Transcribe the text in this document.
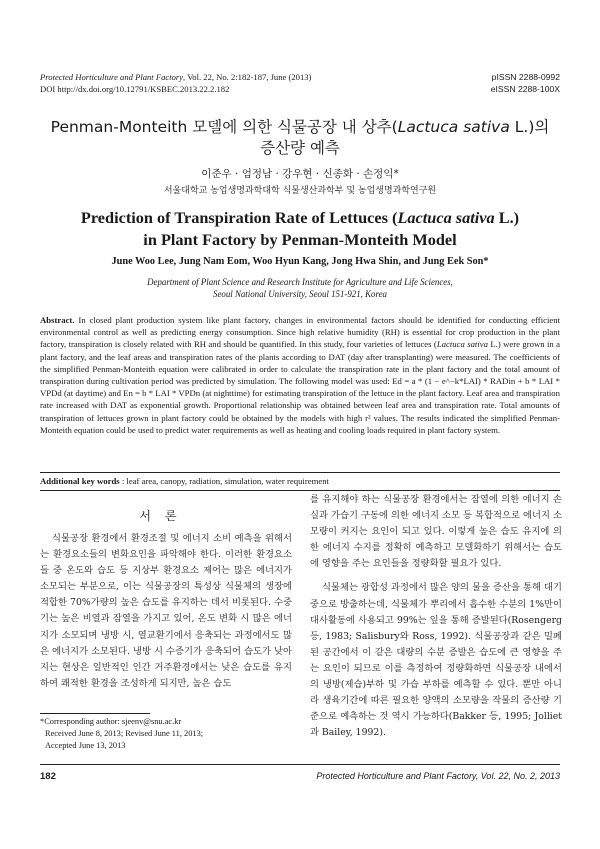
Protected Horticulture and Plant Factory, Vol. 22, No. 2:182-187, June (2013)
DOI http://dx.doi.org/10.12791/KSBEC.2013.22.2.182
pISSN 2288-0992
eISSN 2288-100X
Penman-Monteith 모델에 의한 식물공장 내 상추(Lactuca sativa L.)의
증산량 예측
이준우 · 엄정남 · 강우현 · 신종화 · 손정익*
서울대학교 농업생명과학대학 식물생산과학부 및 농업생명과학연구원
Prediction of Transpiration Rate of Lettuces (Lactuca sativa L.)
in Plant Factory by Penman-Monteith Model
June Woo Lee, Jung Nam Eom, Woo Hyun Kang, Jong Hwa Shin, and Jung Eek Son*
Department of Plant Science and Research Institute for Agriculture and Life Sciences,
Seoul National University, Seoul 151-921, Korea
Abstract. In closed plant production system like plant factory, changes in environmental factors should be identified for conducting efficient environmental control as well as predicting energy consumption. Since high relative humidity (RH) is essential for crop production in the plant factory, transpiration is closely related with RH and should be quantified. In this study, four varieties of lettuces (Lactuca sativa L.) were grown in a plant factory, and the leaf areas and transpiration rates of the plants according to DAT (day after transplanting) were measured. The coefficients of the simplified Penman-Monteith equation were calibrated in order to calculate the transpiration rate in the plant factory and the total amount of transpiration during cultivation period was predicted by simulation. The following model was used: Ed = a * (1 − e^−k*LAI) * RADin + b * LAI * VPDd (at daytime) and En = b * LAI * VPDn (at nighttime) for estimating transpiration of the lettuce in the plant factory. Leaf area and transpiration rate increased with DAT as exponential growth. Proportional relationship was obtained between leaf area and transpiration rate. Total amounts of transpiration of lettuces grown in plant factory could be obtained by the models with high r² values. The results indicated the simplified Penman-Monteith equation could be used to predict water requirements as well as heating and cooling loads required in plant factory system.
Additional key words : leaf area, canopy, radiation, simulation, water requirement
서론

식물공장 환경에서 환경조절 및 에너지 소비 예측을 위해서는 환경요소들의 변화요인을 파악해야 한다. 이러한 환경요소들 중 온도와 습도 등 지상부 환경요소 제어는 많은 에너지가 소모되는 부분으로, 이는 식물공장의 특성상 식물체의 생장에 적합한 70%가량의 높은 습도를 유지하는 데서 비롯된다. 수중기는 높은 비열과 잠열을 가지고 있어, 온도 변화 시 많은 에너지가 소모되며 냉방 시, 열교환기에서 응축되는 과정에서도 많은 에너지가 소모된다. 냉방 시 수증기가 응축되어 습도가 낮아지는 현상은 일반적인 인간 거주환경에서는 낮은 습도를 유지하여 쾌적한 환경을 조성하게 되지만, 높은 습도

를 유지해야 하는 식물공장 환경에서는 잠열에 의한 에너지 손실과 가습기 구동에 의한 에너지 소모 등 복합적으로 에너지 소모량이 커지는 요인이 되고 있다. 이렇게 높은 습도 유지에 의한 에너지 수지를 정확히 예측하고 모델화하기 위해서는 습도에 영향을 주는 요인들을 정량화할 필요가 있다.

식물체는 광합성 과정에서 많은 양의 물을 증산을 통해 대기 중으로 방출하는데, 식물체가 뿌리에서 흡수한 수분의 1%만이 대사활동에 사용되고 99%는 잎을 통해 증발된다(Rosengerg 등, 1983; Salisbury와 Ross, 1992). 식물공장과 같은 밀폐된 공간에서 이 같은 대량의 수분 증발은 습도에 큰 영향을 주는 요인이 되므로 이를 측정하여 정량화하면 식물공장 내에서의 냉방(제습)부하 및 가습 부하를 예측할 수 있다. 뿐만 아니라 생육기간에 따른 필요한 양액의 소모량을 작물의 증산량 기준으로 예측하는 것 역시 가능하다(Bakker 등, 1995; Jolliet과 Bailey, 1992).

*Corresponding author: sjeenv@snu.ac.kr
Received June 8, 2013; Revised June 11, 2013;
Accepted June 13, 2013
182	Protected Horticulture and Plant Factory, Vol. 22, No. 2, 2013
